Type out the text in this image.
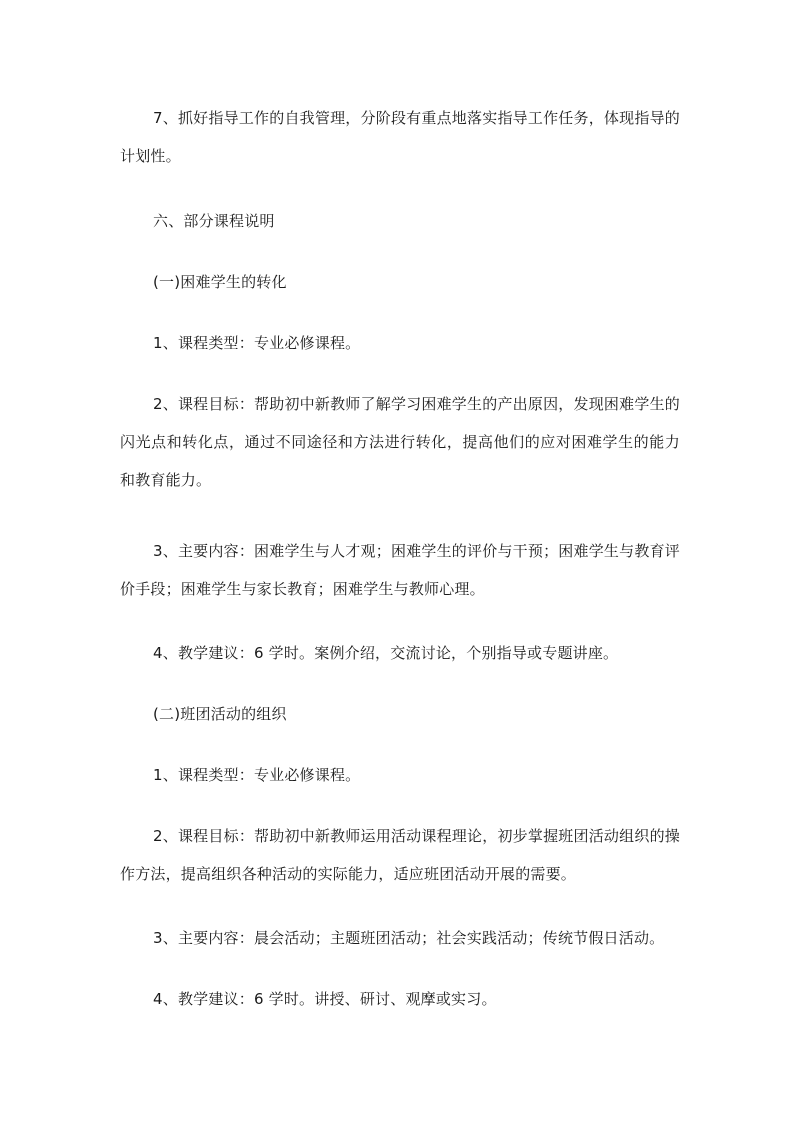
7、抓好指导工作的自我管理，分阶段有重点地落实指导工作任务，体现指导的计划性。

六、部分课程说明

(一)困难学生的转化

1、课程类型：专业必修课程。

2、课程目标：帮助初中新教师了解学习困难学生的产出原因，发现困难学生的闪光点和转化点，通过不同途径和方法进行转化，提高他们的应对困难学生的能力和教育能力。

3、主要内容：困难学生与人才观；困难学生的评价与干预；困难学生与教育评价手段；困难学生与家长教育；困难学生与教师心理。

4、教学建议：6 学时。案例介绍，交流讨论，个别指导或专题讲座。

(二)班团活动的组织

1、课程类型：专业必修课程。

2、课程目标：帮助初中新教师运用活动课程理论，初步掌握班团活动组织的操作方法，提高组织各种活动的实际能力，适应班团活动开展的需要。

3、主要内容：晨会活动；主题班团活动；社会实践活动；传统节假日活动。

4、教学建议：6 学时。讲授、研讨、观摩或实习。
